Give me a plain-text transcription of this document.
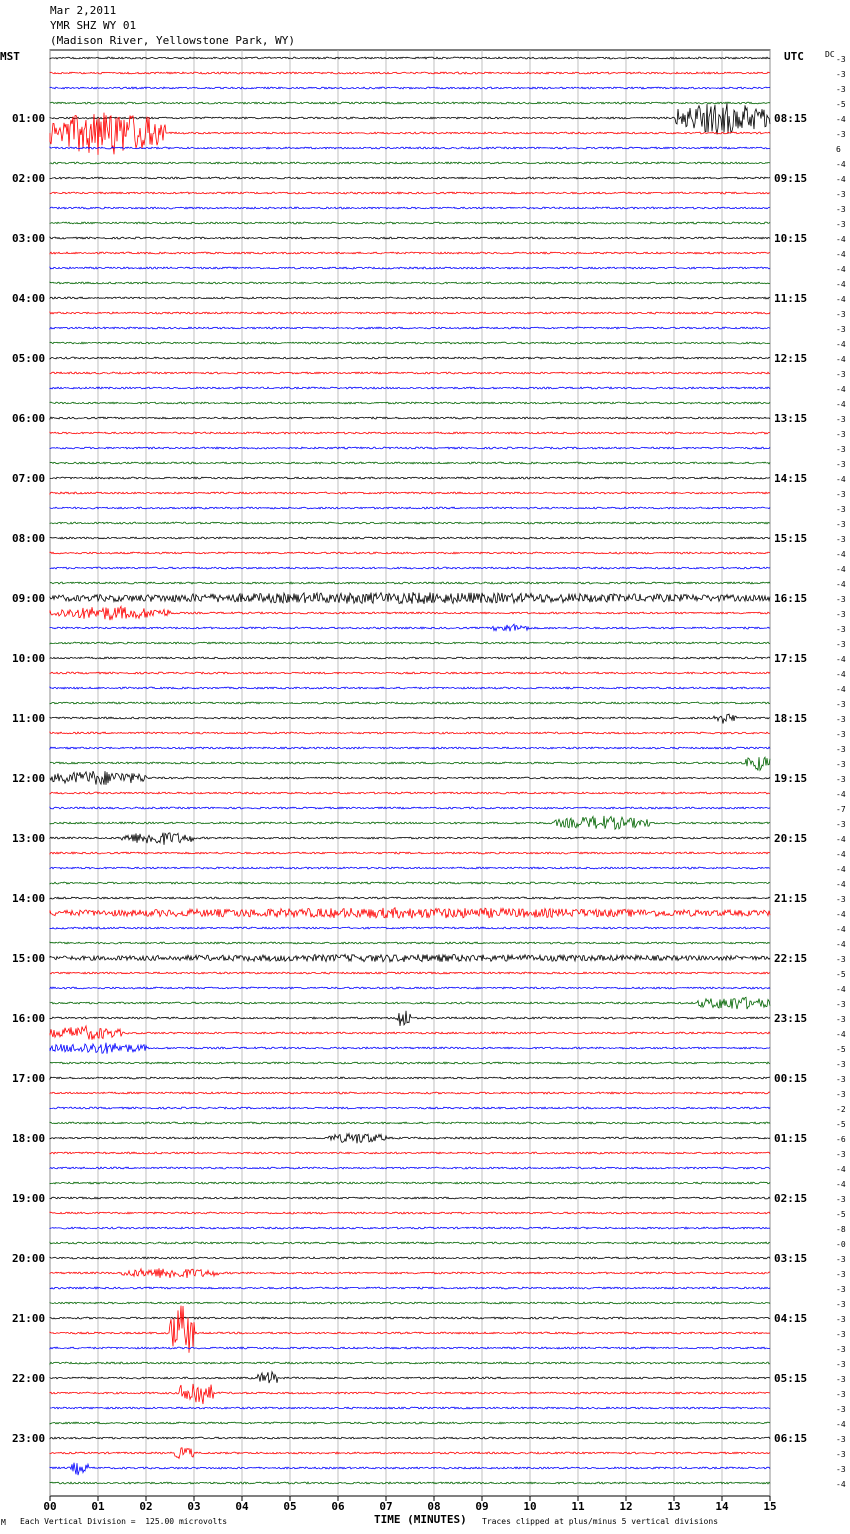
Mar 2,2011
YMR SHZ WY 01
(Madison River, Yellowstone Park, WY)
MST	UTC	DC
00	01	02	03	04	05	06	07	08	09	10	11	12	13	14	15
-3
-3
-3
-5
-4
-3
6
-4
-4
-3
-3
-3
-4
-4
-4
-4
-4
-3
-3
-4
-4
-3
-4
-4
-3
-3
-3
-3
-4
-3
-3
-3
-3
-4
-4
-4
-3
-3
-3
-3
-4
-4
-4
-3
-3
-3
-3
-3
-3
-4
-7
-3
-4
-4
-4
-4
-3
-4
-4
-4
-3
-5
-4
-3
-3
-4
-5
-3
-3
-3
-2
-5
-6
-3
-4
-4
-3
-5
-8
-0
-3
-3
-3
-3
-3
-3
-3
-3
-3
-3
-3
-4
-3
-3
-3
-4
01:00
02:00
03:00
04:00
05:00
06:00
07:00
08:00
09:00
10:00
11:00
12:00
13:00
14:00
15:00
16:00
17:00
18:00
19:00
20:00
21:00
22:00
23:00
08:15
09:15
10:15
11:15
12:15
13:15
14:15
15:15
16:15
17:15
18:15
19:15
20:15
21:15
22:15
23:15
00:15
01:15
02:15
03:15
04:15
05:15
06:15
TIME (MINUTES)
M Each Vertical Division =  125.00 microvolts	Traces clipped at plus/minus 5 vertical divisions
